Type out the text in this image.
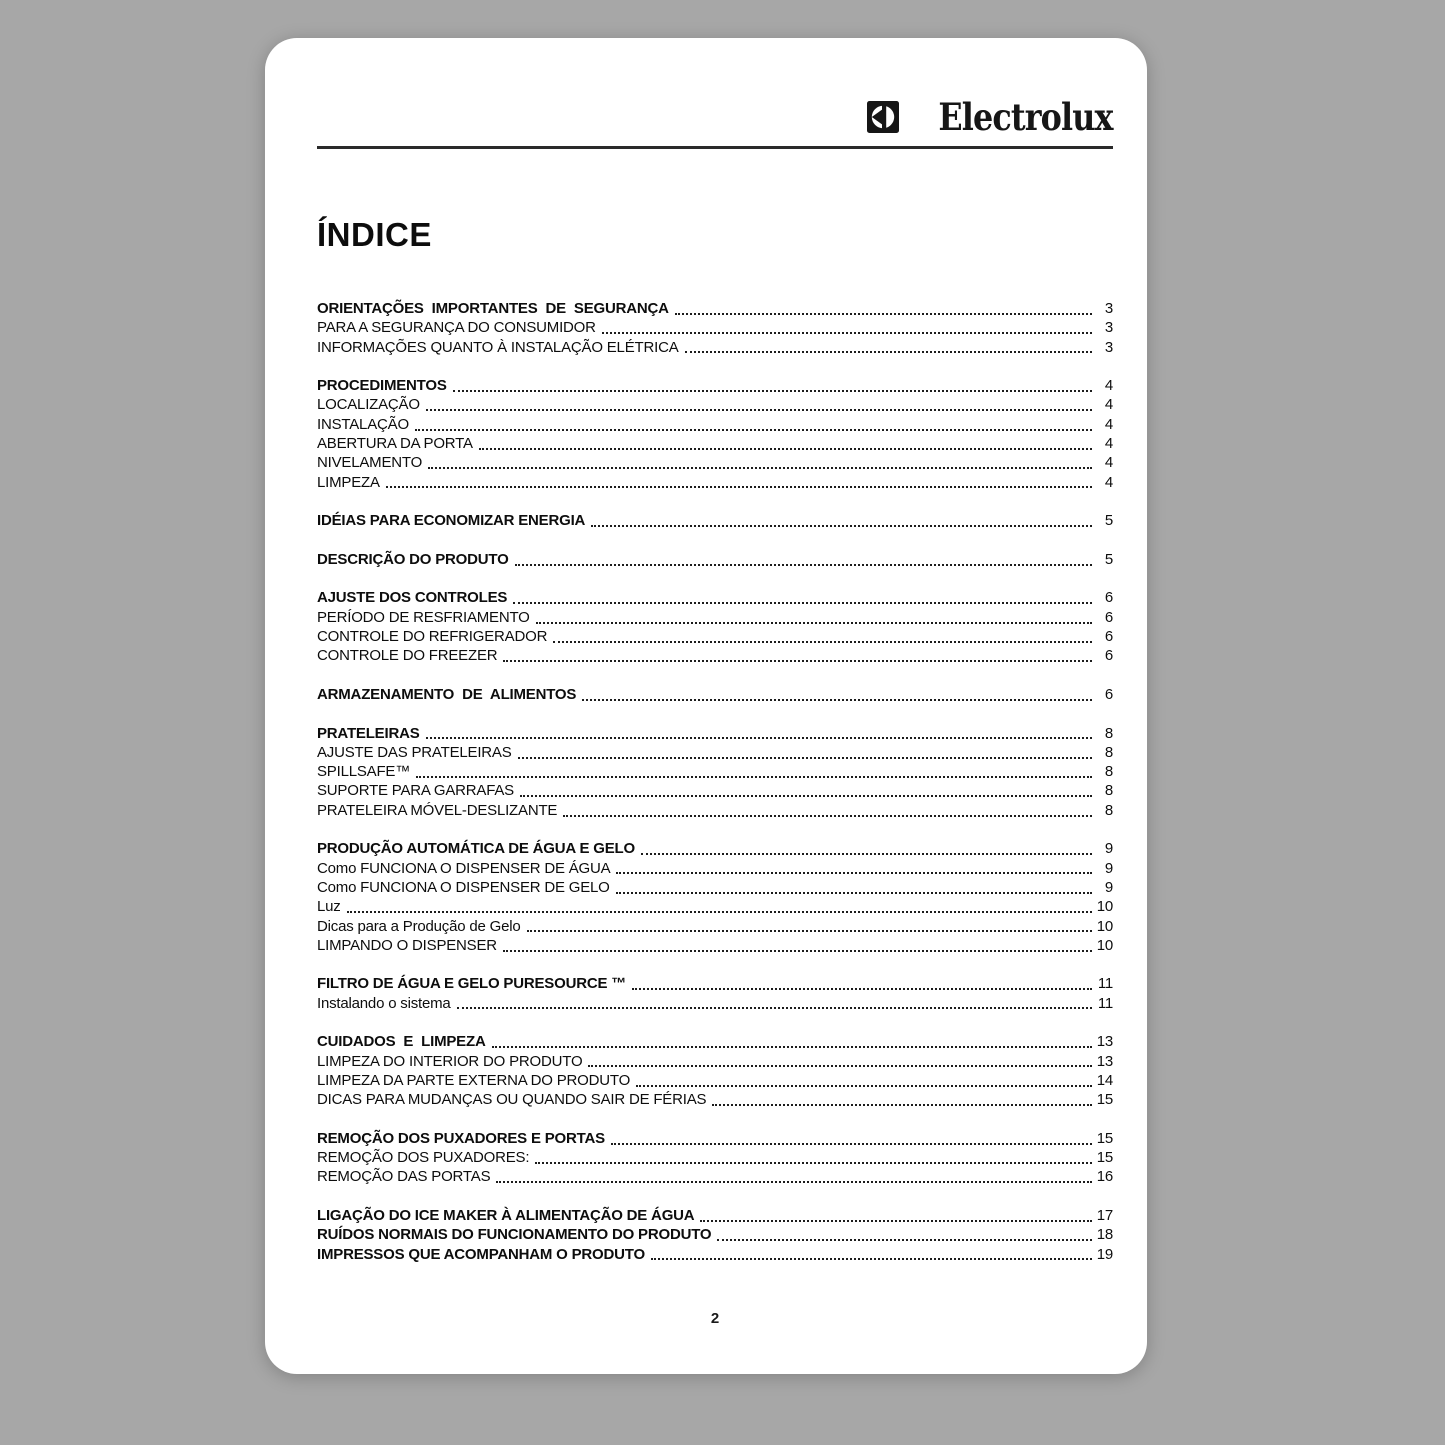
Electrolux
ÍNDICE
ORIENTAÇÕES IMPORTANTES DE SEGURANÇA	3
PARA A SEGURANÇA DO CONSUMIDOR	3
INFORMAÇÕES QUANTO À INSTALAÇÃO ELÉTRICA	3
PROCEDIMENTOS	4
LOCALIZAÇÃO	4
INSTALAÇÃO	4
ABERTURA DA PORTA	4
NIVELAMENTO	4
LIMPEZA	4
IDÉIAS PARA ECONOMIZAR ENERGIA	5
DESCRIÇÃO DO PRODUTO	5
AJUSTE DOS CONTROLES	6
PERÍODO DE RESFRIAMENTO	6
CONTROLE DO REFRIGERADOR	6
CONTROLE DO FREEZER	6
ARMAZENAMENTO DE ALIMENTOS	6
PRATELEIRAS	8
AJUSTE DAS PRATELEIRAS	8
SPILLSAFE™	8
SUPORTE PARA GARRAFAS	8
PRATELEIRA MÓVEL-DESLIZANTE	8
PRODUÇÃO AUTOMÁTICA DE ÁGUA E GELO	9
Como FUNCIONA O DISPENSER DE ÁGUA	9
Como FUNCIONA O DISPENSER DE GELO	9
Luz	10
Dicas para a Produção de Gelo	10
LIMPANDO O DISPENSER	10
FILTRO DE ÁGUA E GELO PURESOURCE ™	11
Instalando o sistema	11
CUIDADOS E LIMPEZA	13
LIMPEZA DO INTERIOR DO PRODUTO	13
LIMPEZA DA PARTE EXTERNA DO PRODUTO	14
DICAS PARA MUDANÇAS OU QUANDO SAIR DE FÉRIAS	15
REMOÇÃO DOS PUXADORES E PORTAS	15
REMOÇÃO DOS PUXADORES:	15
REMOÇÃO DAS PORTAS	16
LIGAÇÃO DO ICE MAKER À ALIMENTAÇÃO DE ÁGUA	17
RUÍDOS NORMAIS DO FUNCIONAMENTO DO PRODUTO	18
IMPRESSOS QUE ACOMPANHAM O PRODUTO	19
2
